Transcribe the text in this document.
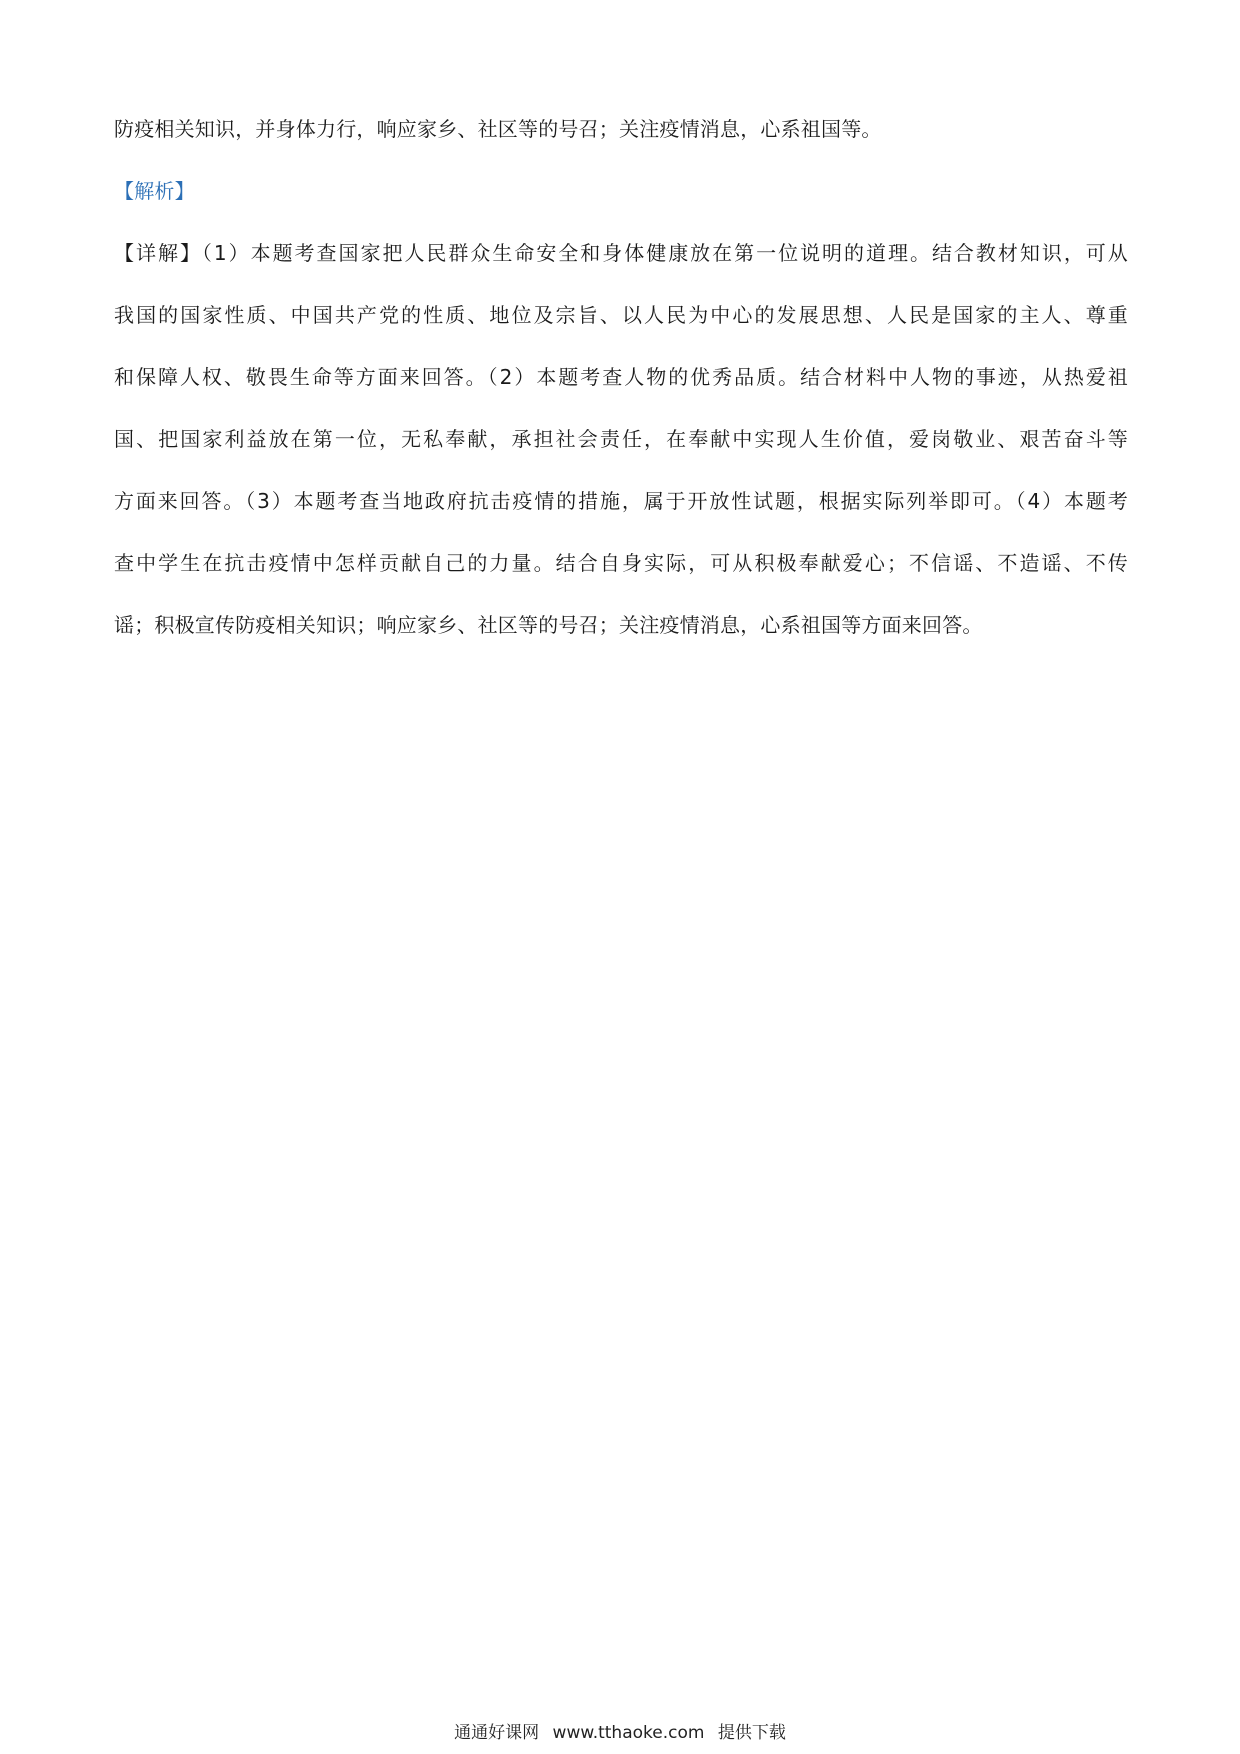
防疫相关知识，并身体力行，响应家乡、社区等的号召；关注疫情消息，心系祖国等。
【解析】
【详解】（1）本题考查国家把人民群众生命安全和身体健康放在第一位说明的道理。结合教材知识，可从
我国的国家性质、中国共产党的性质、地位及宗旨、以人民为中心的发展思想、人民是国家的主人、尊重
和保障人权、敬畏生命等方面来回答。（2）本题考查人物的优秀品质。结合材料中人物的事迹，从热爱祖
国、把国家利益放在第一位，无私奉献，承担社会责任，在奉献中实现人生价值，爱岗敬业、艰苦奋斗等
方面来回答。（3）本题考查当地政府抗击疫情的措施，属于开放性试题，根据实际列举即可。（4）本题考
查中学生在抗击疫情中怎样贡献自己的力量。结合自身实际，可从积极奉献爱心；不信谣、不造谣、不传
谣；积极宣传防疫相关知识；响应家乡、社区等的号召；关注疫情消息，心系祖国等方面来回答。
通通好课网 www.tthaoke.com 提供下载
